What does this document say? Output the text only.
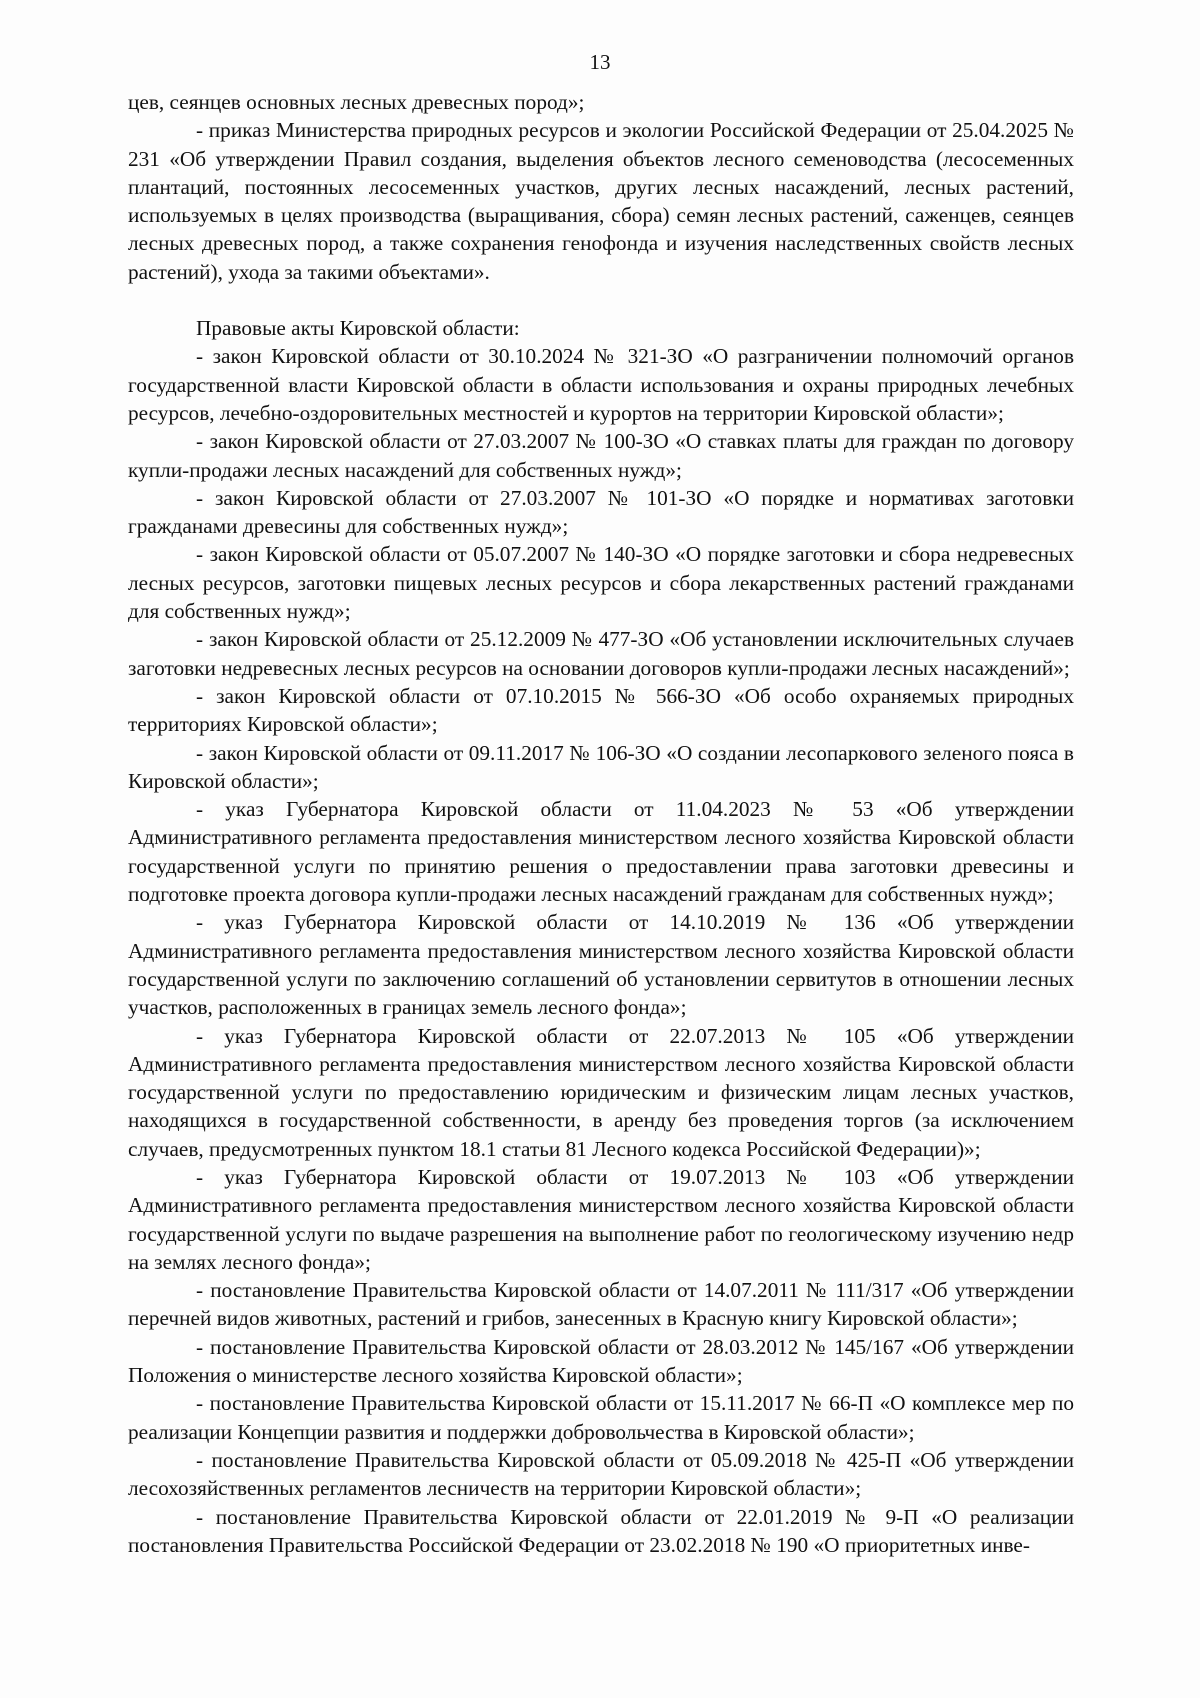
13

цев, сеянцев основных лесных древесных пород»;

- приказ Министерства природных ресурсов и экологии Российской Федерации от 25.04.2025 № 231 «Об утверждении Правил создания, выделения объектов лесного семеноводства (лесосеменных плантаций, постоянных лесосеменных участков, других лесных насаждений, лесных растений, используемых в целях производства (выращивания, сбора) семян лесных растений, саженцев, сеянцев лесных древесных пород, а также сохранения генофонда и изучения наследственных свойств лесных растений), ухода за такими объектами».

Правовые акты Кировской области:

- закон Кировской области от 30.10.2024 № 321-ЗО «О разграничении полномочий органов государственной власти Кировской области в области использования и охраны природных лечебных ресурсов, лечебно-оздоровительных местностей и курортов на территории Кировской области»;

- закон Кировской области от 27.03.2007 № 100-ЗО «О ставках платы для граждан по договору купли-продажи лесных насаждений для собственных нужд»;

- закон Кировской области от 27.03.2007 № 101-ЗО «О порядке и нормативах заготовки гражданами древесины для собственных нужд»;

- закон Кировской области от 05.07.2007 № 140-ЗО «О порядке заготовки и сбора недревесных лесных ресурсов, заготовки пищевых лесных ресурсов и сбора лекарственных растений гражданами для собственных нужд»;

- закон Кировской области от 25.12.2009 № 477-ЗО «Об установлении исключительных случаев заготовки недревесных лесных ресурсов на основании договоров купли-продажи лесных насаждений»;

- закон Кировской области от 07.10.2015 № 566-ЗО «Об особо охраняемых природных территориях Кировской области»;

- закон Кировской области от 09.11.2017 № 106-ЗО «О создании лесопаркового зеленого пояса в Кировской области»;

- указ Губернатора Кировской области от 11.04.2023 № 53 «Об утверждении Административного регламента предоставления министерством лесного хозяйства Кировской области государственной услуги по принятию решения о предоставлении права заготовки древесины и подготовке проекта договора купли-продажи лесных насаждений гражданам для собственных нужд»;

- указ Губернатора Кировской области от 14.10.2019 № 136 «Об утверждении Административного регламента предоставления министерством лесного хозяйства Кировской области государственной услуги по заключению соглашений об установлении сервитутов в отношении лесных участков, расположенных в границах земель лесного фонда»;

- указ Губернатора Кировской области от 22.07.2013 № 105 «Об утверждении Административного регламента предоставления министерством лесного хозяйства Кировской области государственной услуги по предоставлению юридическим и физическим лицам лесных участков, находящихся в государственной собственности, в аренду без проведения торгов (за исключением случаев, предусмотренных пунктом 18.1 статьи 81 Лесного кодекса Российской Федерации)»;

- указ Губернатора Кировской области от 19.07.2013 № 103 «Об утверждении Административного регламента предоставления министерством лесного хозяйства Кировской области государственной услуги по выдаче разрешения на выполнение работ по геологическому изучению недр на землях лесного фонда»;

- постановление Правительства Кировской области от 14.07.2011 № 111/317 «Об утверждении перечней видов животных, растений и грибов, занесенных в Красную книгу Кировской области»;

- постановление Правительства Кировской области от 28.03.2012 № 145/167 «Об утверждении Положения о министерстве лесного хозяйства Кировской области»;

- постановление Правительства Кировской области от 15.11.2017 № 66-П «О комплексе мер по реализации Концепции развития и поддержки добровольчества в Кировской области»;

- постановление Правительства Кировской области от 05.09.2018 № 425-П «Об утверждении лесохозяйственных регламентов лесничеств на территории Кировской области»;

- постановление Правительства Кировской области от 22.01.2019 № 9-П «О реализации постановления Правительства Российской Федерации от 23.02.2018 № 190 «О приоритетных инве-
